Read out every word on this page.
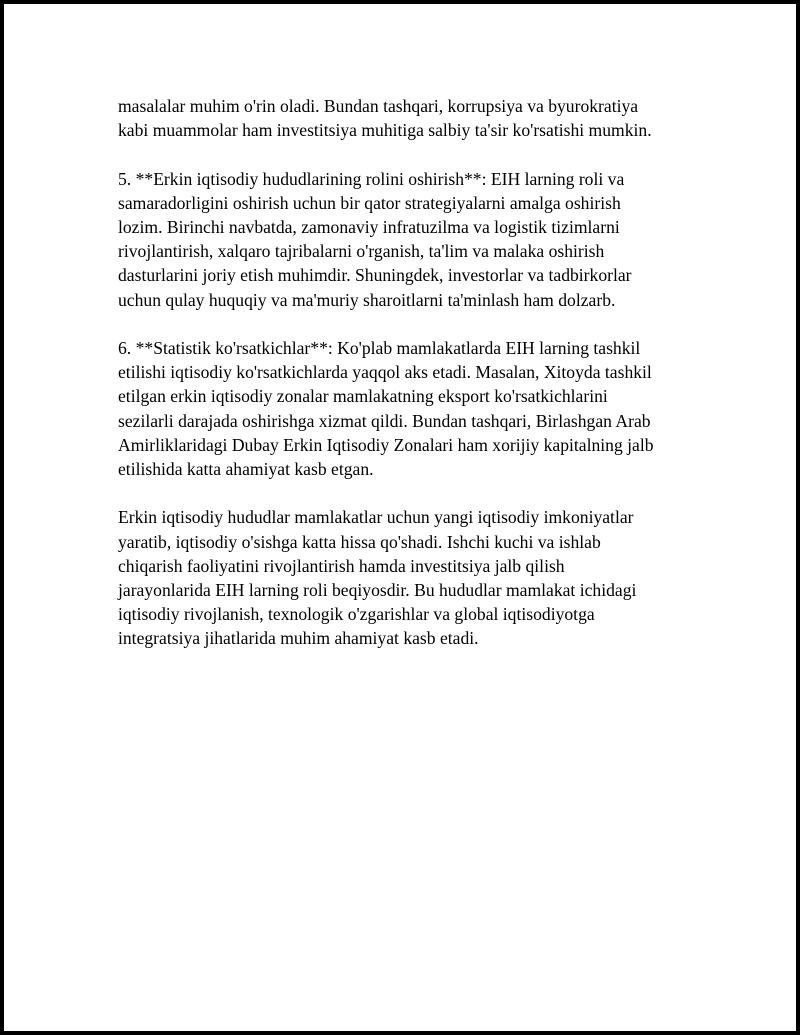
masalalar muhim o'rin oladi. Bundan tashqari, korrupsiya va byurokratiya
kabi muammolar ham investitsiya muhitiga salbiy ta'sir ko'rsatishi mumkin.

5. **Erkin iqtisodiy hududlarining rolini oshirish**: EIH larning roli va
samaradorligini oshirish uchun bir qator strategiyalarni amalga oshirish
lozim. Birinchi navbatda, zamonaviy infratuzilma va logistik tizimlarni
rivojlantirish, xalqaro tajribalarni o'rganish, ta'lim va malaka oshirish
dasturlarini joriy etish muhimdir. Shuningdek, investorlar va tadbirkorlar
uchun qulay huquqiy va ma'muriy sharoitlarni ta'minlash ham dolzarb.

6. **Statistik ko'rsatkichlar**: Ko'plab mamlakatlarda EIH larning tashkil
etilishi iqtisodiy ko'rsatkichlarda yaqqol aks etadi. Masalan, Xitoyda tashkil
etilgan erkin iqtisodiy zonalar mamlakatning eksport ko'rsatkichlarini
sezilarli darajada oshirishga xizmat qildi. Bundan tashqari, Birlashgan Arab
Amirliklaridagi Dubay Erkin Iqtisodiy Zonalari ham xorijiy kapitalning jalb
etilishida katta ahamiyat kasb etgan.

Erkin iqtisodiy hududlar mamlakatlar uchun yangi iqtisodiy imkoniyatlar
yaratib, iqtisodiy o'sishga katta hissa qo'shadi. Ishchi kuchi va ishlab
chiqarish faoliyatini rivojlantirish hamda investitsiya jalb qilish
jarayonlarida EIH larning roli beqiyosdir. Bu hududlar mamlakat ichidagi
iqtisodiy rivojlanish, texnologik o'zgarishlar va global iqtisodiyotga
integratsiya jihatlarida muhim ahamiyat kasb etadi.
